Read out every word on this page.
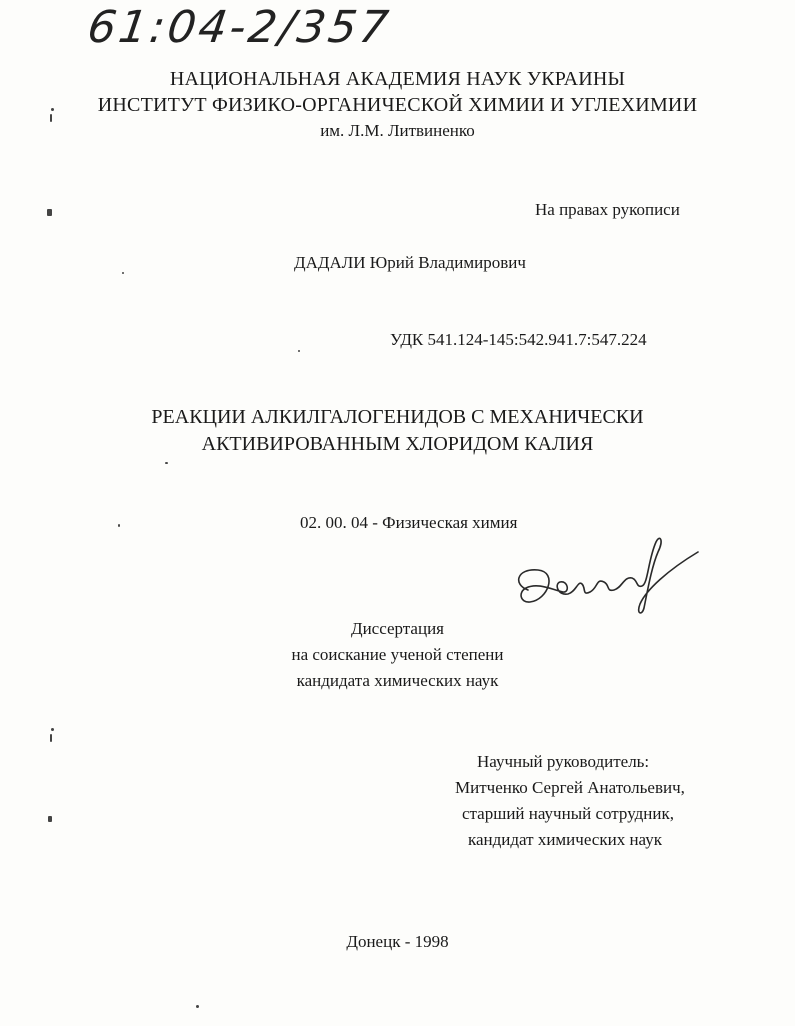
61:04-2/357
НАЦИОНАЛЬНАЯ АКАДЕМИЯ НАУК УКРАИНЫ
ИНСТИТУТ ФИЗИКО-ОРГАНИЧЕСКОЙ ХИМИИ И УГЛЕХИМИИ
им. Л.М. Литвиненко
На правах рукописи
ДАДАЛИ Юрий Владимирович
УДК 541.124-145:542.941.7:547.224
РЕАКЦИИ АЛКИЛГАЛОГЕНИДОВ С МЕХАНИЧЕСКИ
АКТИВИРОВАННЫМ ХЛОРИДОМ КАЛИЯ
02. 00. 04 - Физическая химия
Диссертация
на соискание ученой степени
кандидата химических наук
Научный руководитель:
Митченко Сергей Анатольевич,
старший научный сотрудник,
кандидат химических наук
Донецк - 1998
